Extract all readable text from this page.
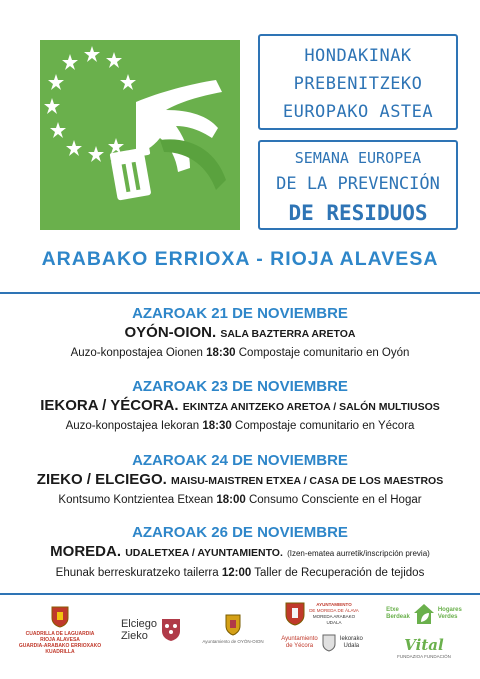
HONDAKINAK
PREBENITZEKO
EUROPAKO ASTEA
SEMANA EUROPEA
DE LA PREVENCIÓN
DE RESIDUOS
ARABAKO ERRIOXA - RIOJA ALAVESA
AZAROAK 21 DE NOVIEMBRE
OYÓN-OION. SALA BAZTERRA ARETOA
Auzo-konpostajea Oionen 18:30 Compostaje comunitario en Oyón
AZAROAK 23 DE NOVIEMBRE
IEKORA / YÉCORA. EKINTZA ANITZEKO ARETOA / SALÓN MULTIUSOS
Auzo-konpostajea Iekoran 18:30 Compostaje comunitario en Yécora
AZAROAK 24 DE NOVIEMBRE
ZIEKO / ELCIEGO. MAISU-MAISTREN ETXEA / CASA DE LOS MAESTROS
Kontsumo Kontzientea Etxean 18:00 Consumo Consciente en el Hogar
AZAROAK 26 DE NOVIEMBRE
MOREDA. UDALETXEA / AYUNTAMIENTO. (Izen-ematea aurretik/inscripción previa)
Ehunak berreskuratzeko tailerra 12:00 Taller de Recuperación de tejidos
CUADRILLA DE LAGUARDIA
RIOJA ALAVESA
GUARDIA-ARABAKO ERRIOXAKO
KUADRILLA
Elciego
Zieko	Ayuntamiento de OYÓN-OION
AYUNTAMIENTO
DE MOREDA DE ÁLAVA
MOREDA ARABAKO
UDALA
Ayuntamiento
de Yécora
Iekorako
Udala
Etxe
Berdeak
Hogares
Verdes
Vital
FUNDAZIOA FUNDACIÓN
